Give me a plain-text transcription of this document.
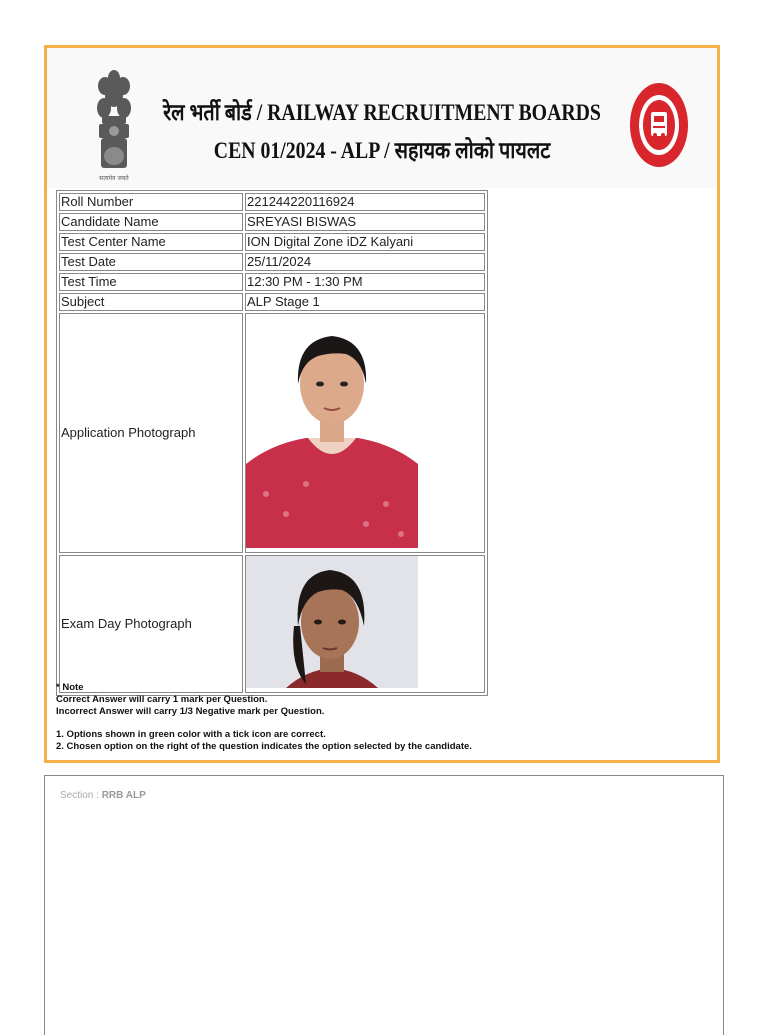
सत्यमेव जयते
रेल भर्ती बोर्ड / RAILWAY RECRUITMENT BOARDS
CEN 01/2024 - ALP / सहायक लोको पायलट
Roll Number	221244220116924
Candidate Name	SREYASI BISWAS
Test Center Name	ION Digital Zone iDZ Kalyani
Test Date	25/11/2024
Test Time	12:30 PM - 1:30 PM
Subject	ALP Stage 1
Application Photograph	
Exam Day Photograph	

* Note

Correct Answer will carry 1 mark per Question.

Incorrect Answer will carry 1/3 Negative mark per Question.

1. Options shown in green color with a tick icon are correct.

2. Chosen option on the right of the question indicates the option selected by the candidate.

Section : RRB ALP
